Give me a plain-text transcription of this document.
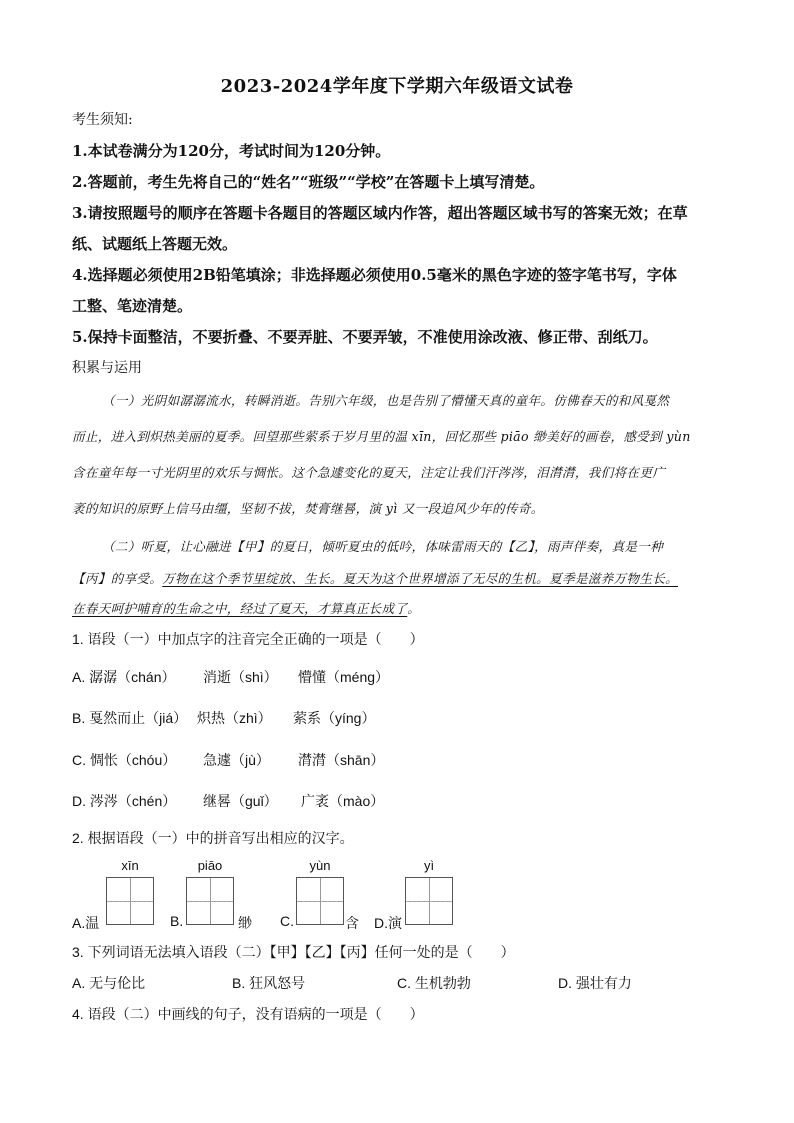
2023-2024学年度下学期六年级语文试卷
考生须知:
1.本试卷满分为120分，考试时间为120分钟。
2.答题前，考生先将自己的“姓名”“班级”“学校”在答题卡上填写清楚。
3.请按照题号的顺序在答题卡各题目的答题区域内作答，超出答题区域书写的答案无效；在草
纸、试题纸上答题无效。
4.选择题必须使用2B铅笔填涂；非选择题必须使用0.5毫米的黑色字迹的签字笔书写，字体
工整、笔迹清楚。
5.保持卡面整洁，不要折叠、不要弄脏、不要弄皱，不准使用涂改液、修正带、刮纸刀。
积累与运用
（一）光阴如潺潺流水，转瞬消逝。告别六年级，也是告别了懵懂天真的童年。仿佛春天的和风戛然
而止，进入到炽热美丽的夏季。回望那些萦系于岁月里的温 xīn，回忆那些 piāo 缈美好的画卷，感受到 yùn
含在童年每一寸光阴里的欢乐与惆怅。这个急遽变化的夏天，注定让我们汗涔涔，泪潸潸，我们将在更广
袤的知识的原野上信马由缰，坚韧不拔，焚膏继晷，演 yì 又一段追风少年的传奇。
（二）听夏，让心融进【甲】的夏日，倾听夏虫的低吟，体味雷雨天的【乙】，雨声伴奏，真是一种
【丙】的享受。万物在这个季节里绽放、生长。夏天为这个世界增添了无尽的生机。夏季是滋养万物生长。
在春天呵护哺育的生命之中，经过了夏天，才算真正长成了。
1. 语段（一）中加点字的注音完全正确的一项是（　　）
A. 潺潺（chán） 消逝（shì） 懵懂（méng）
B. 戛然而止（jiá） 炽热（zhì） 萦系（yíng）
C. 惆怅（chóu） 急遽（jù） 潸潸（shān）
D. 涔涔（chén） 继晷（guǐ） 广袤（mào）
2. 根据语段（一）中的拼音写出相应的汉字。
xīn	piāo	yùn	yì
A.温	B.	缈 C.	含 D.演
3. 下列词语无法填入语段（二）【甲】【乙】【丙】任何一处的是（　　）
A. 无与伦比	B. 狂风怒号	C. 生机勃勃	D. 强壮有力
4. 语段（二）中画线的句子，没有语病的一项是（　　）
